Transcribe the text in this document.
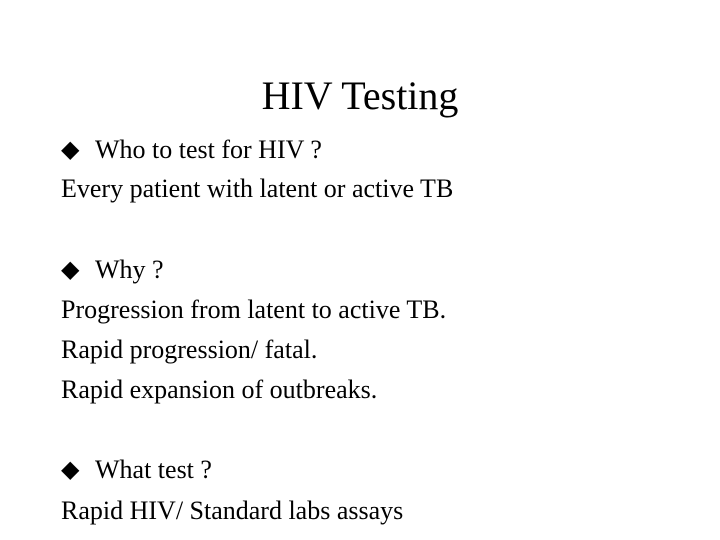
HIV Testing
◆ Who to test for HIV ?
Every patient with latent or active TB
◆ Why ?
Progression from latent to active TB.
Rapid progression/ fatal.
Rapid expansion of outbreaks.
◆ What test ?
Rapid HIV/ Standard labs assays
